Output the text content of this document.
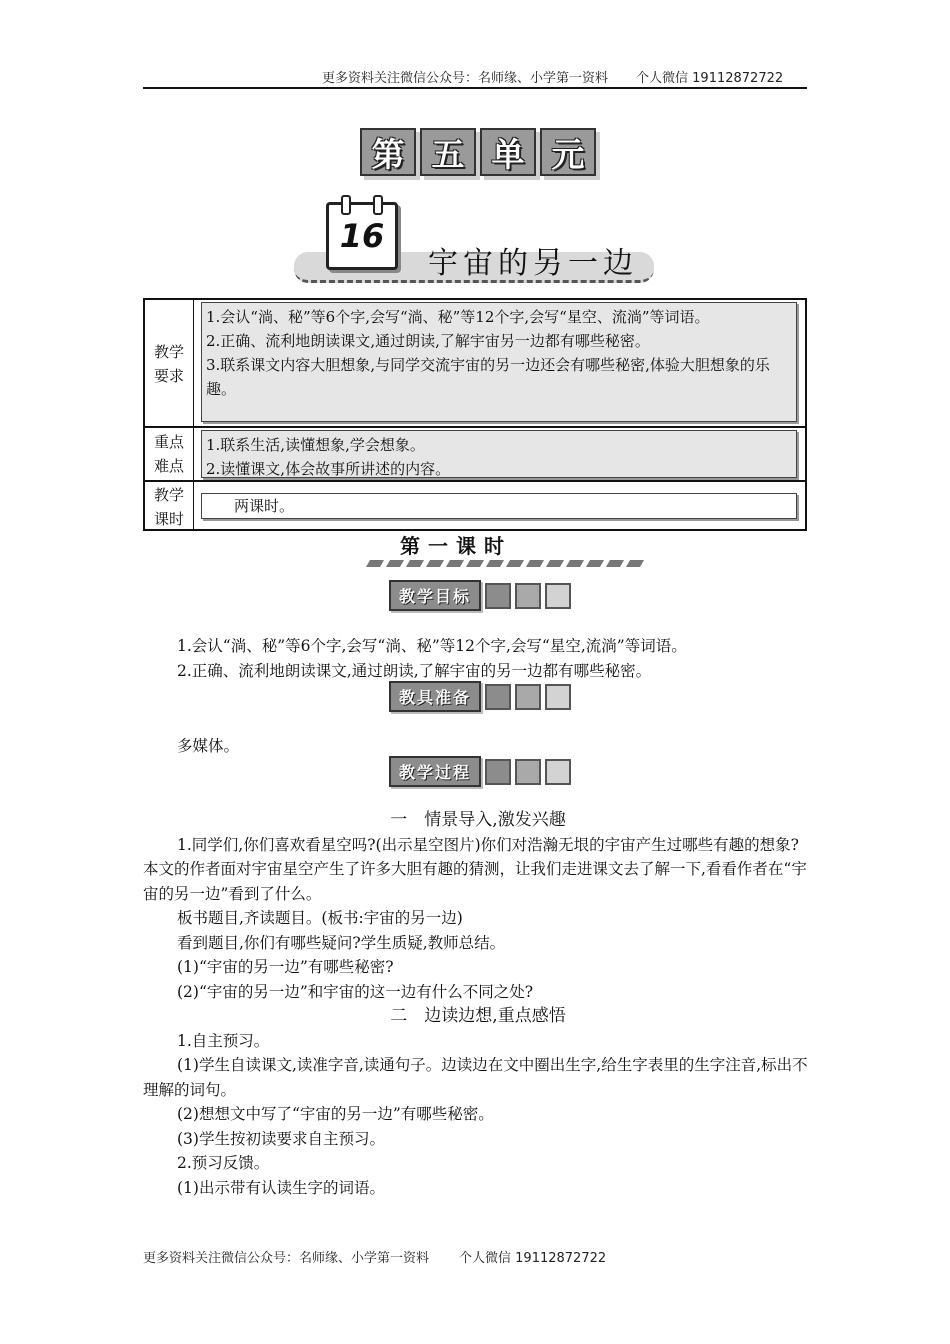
更多资料关注微信公众号：名师缘、小学第一资料 个人微信 19112872722
第 五 单 元
16
宇宙的另一边
教学
要求

1.会认“淌、秘”等6个字,会写“淌、秘”等12个字,会写“星空、流淌”等词语。

2.正确、流利地朗读课文,通过朗读,了解宇宙另一边都有哪些秘密。

3.联系课文内容大胆想象,与同学交流宇宙的另一边还会有哪些秘密,体验大胆想象的乐趣。

重点
难点

1.联系生活,读懂想象,学会想象。

2.读懂课文,体会故事所讲述的内容。

教学
课时

两课时。

第一课时
教学目标

1.会认“淌、秘”等6个字,会写“淌、秘”等12个字,会写“星空,流淌”等词语。

2.正确、流利地朗读课文,通过朗读,了解宇宙的另一边都有哪些秘密。

教具准备

多媒体。

教学过程

一　情景导入,激发兴趣

1.同学们,你们喜欢看星空吗?(出示星空图片)你们对浩瀚无垠的宇宙产生过哪些有趣的想象?本文的作者面对宇宙星空产生了许多大胆有趣的猜测，让我们走进课文去了解一下,看看作者在“宇宙的另一边”看到了什么。

板书题目,齐读题目。(板书:宇宙的另一边)

看到题目,你们有哪些疑问?学生质疑,教师总结。

(1)“宇宙的另一边”有哪些秘密?

(2)“宇宙的另一边”和宇宙的这一边有什么不同之处?

二　边读边想,重点感悟

1.自主预习。

(1)学生自读课文,读准字音,读通句子。边读边在文中圈出生字,给生字表里的生字注音,标出不理解的词句。

(2)想想文中写了“宇宙的另一边”有哪些秘密。

(3)学生按初读要求自主预习。

2.预习反馈。

(1)出示带有认读生字的词语。

更多资料关注微信公众号：名师缘、小学第一资料 个人微信 19112872722
